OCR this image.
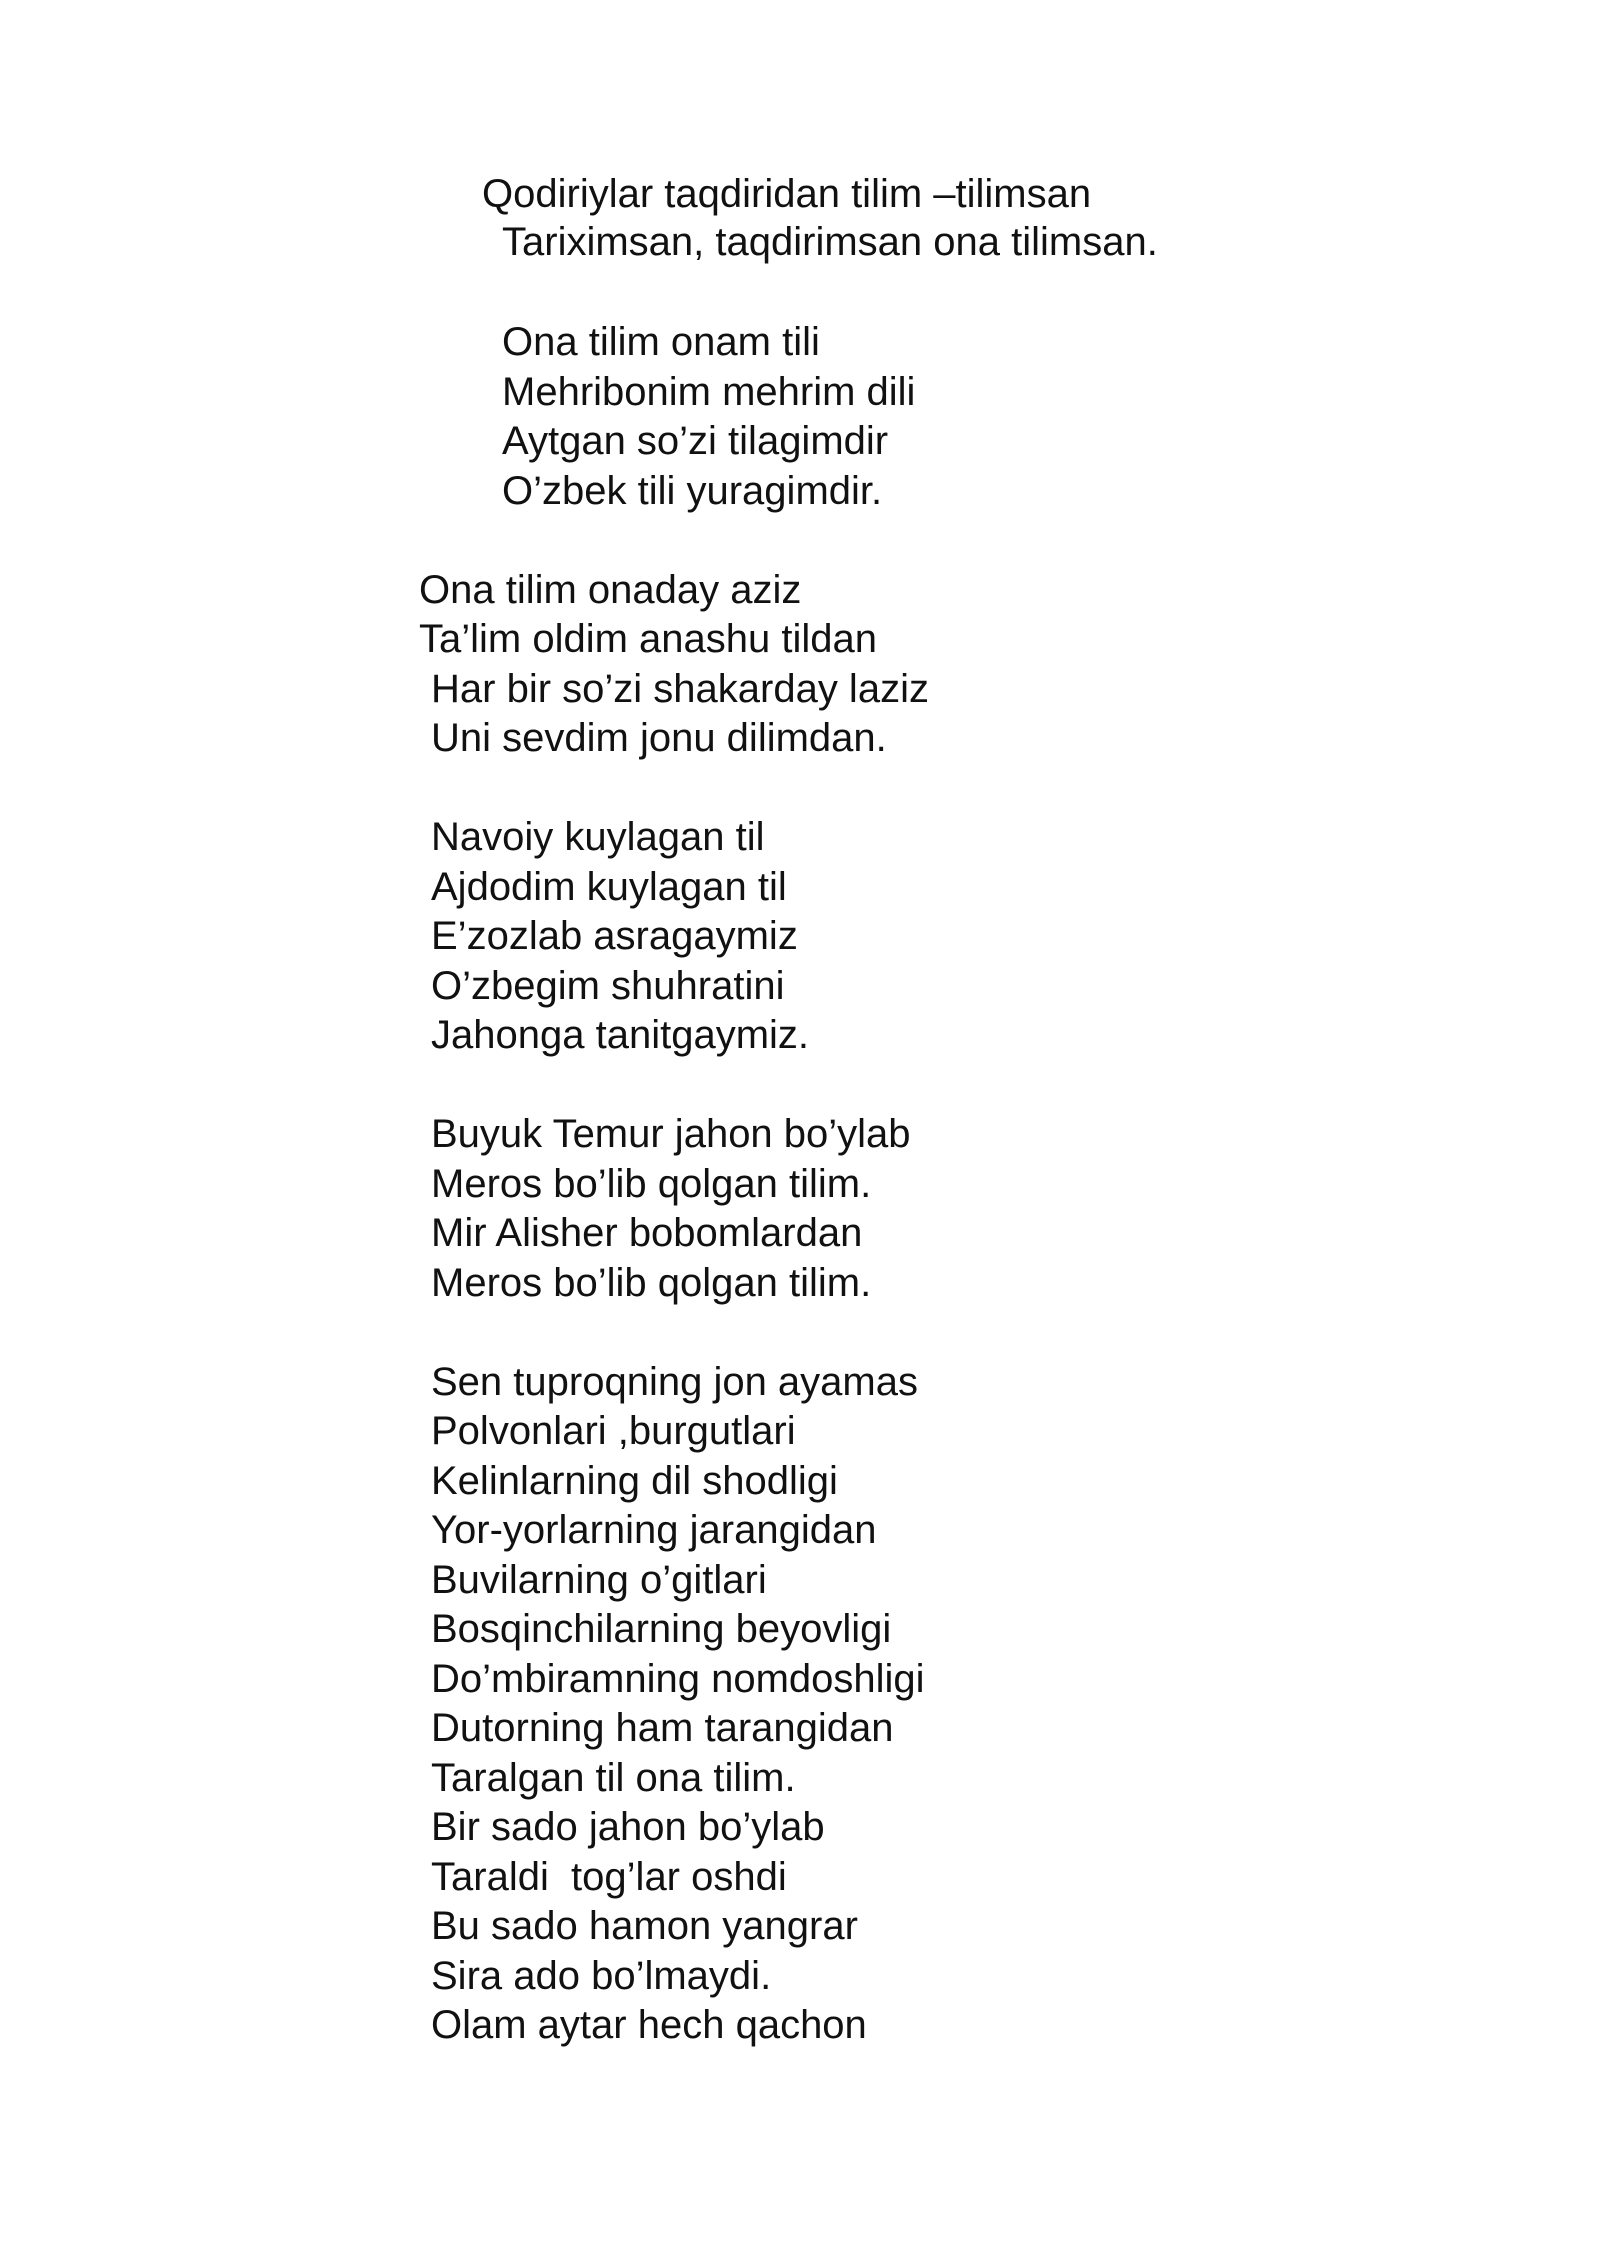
Qodiriylar taqdiridan tilim –tilimsan
Tariximsan, taqdirimsan ona tilimsan.
Ona tilim onam tili
Mehribonim mehrim dili
Aytgan so’zi tilagimdir
O’zbek tili yuragimdir.
Ona tilim onaday aziz
Ta’lim oldim anashu tildan
Har bir so’zi shakarday laziz
Uni sevdim jonu dilimdan.
Navoiy kuylagan til
Ajdodim kuylagan til
E’zozlab asragaymiz
O’zbegim shuhratini
Jahonga tanitgaymiz.
Buyuk Temur jahon bo’ylab
Meros bo’lib qolgan tilim.
Mir Alisher bobomlardan
Meros bo’lib qolgan tilim.
Sen tuproqning jon ayamas
Polvonlari ,burgutlari
Kelinlarning dil shodligi
Yor-yorlarning jarangidan
Buvilarning o’gitlari
Bosqinchilarning beyovligi
Do’mbiramning nomdoshligi
Dutorning ham tarangidan
Taralgan til ona tilim.
Bir sado jahon bo’ylab
Taraldi  tog’lar oshdi
Bu sado hamon yangrar
Sira ado bo’lmaydi.
Olam aytar hech qachon
